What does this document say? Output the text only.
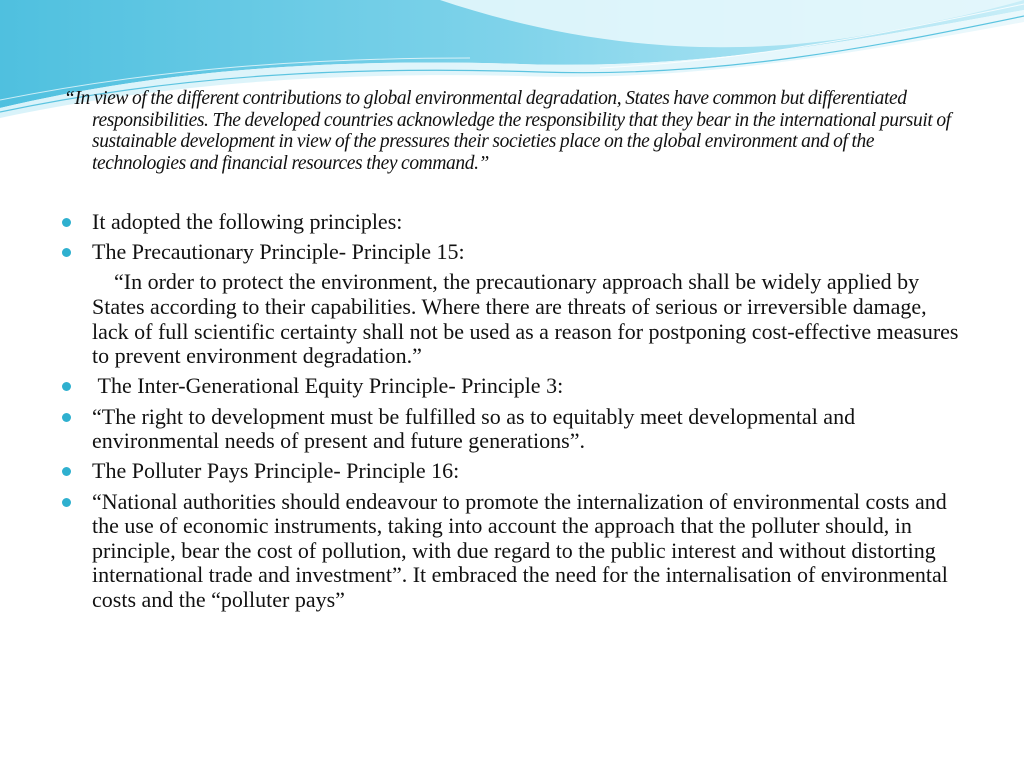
“In view of the different contributions to global environmental degradation, States have common but differentiated responsibilities. The developed countries acknowledge the responsibility that they bear in the international pursuit of sustainable development in view of the pressures their societies place on the global environment and of the technologies and financial resources they command.”
It adopted the following principles:
The Precautionary Principle- Principle 15:
“In order to protect the environment, the precautionary approach shall be widely applied by States according to their capabilities. Where there are threats of serious or irreversible damage, lack of full scientific certainty shall not be used as a reason for postponing cost-effective measures to prevent environment degradation.”
The Inter-Generational Equity Principle- Principle 3:
“The right to development must be fulfilled so as to equitably meet developmental and environmental needs of present and future generations”.
The Polluter Pays Principle- Principle 16:
“National authorities should endeavour to promote the internalization of environmental costs and the use of economic instruments, taking into account the approach that the polluter should, in principle, bear the cost of pollution, with due regard to the public interest and without distorting international trade and investment”. It embraced the need for the internalisation of environmental costs and the “polluter pays”
